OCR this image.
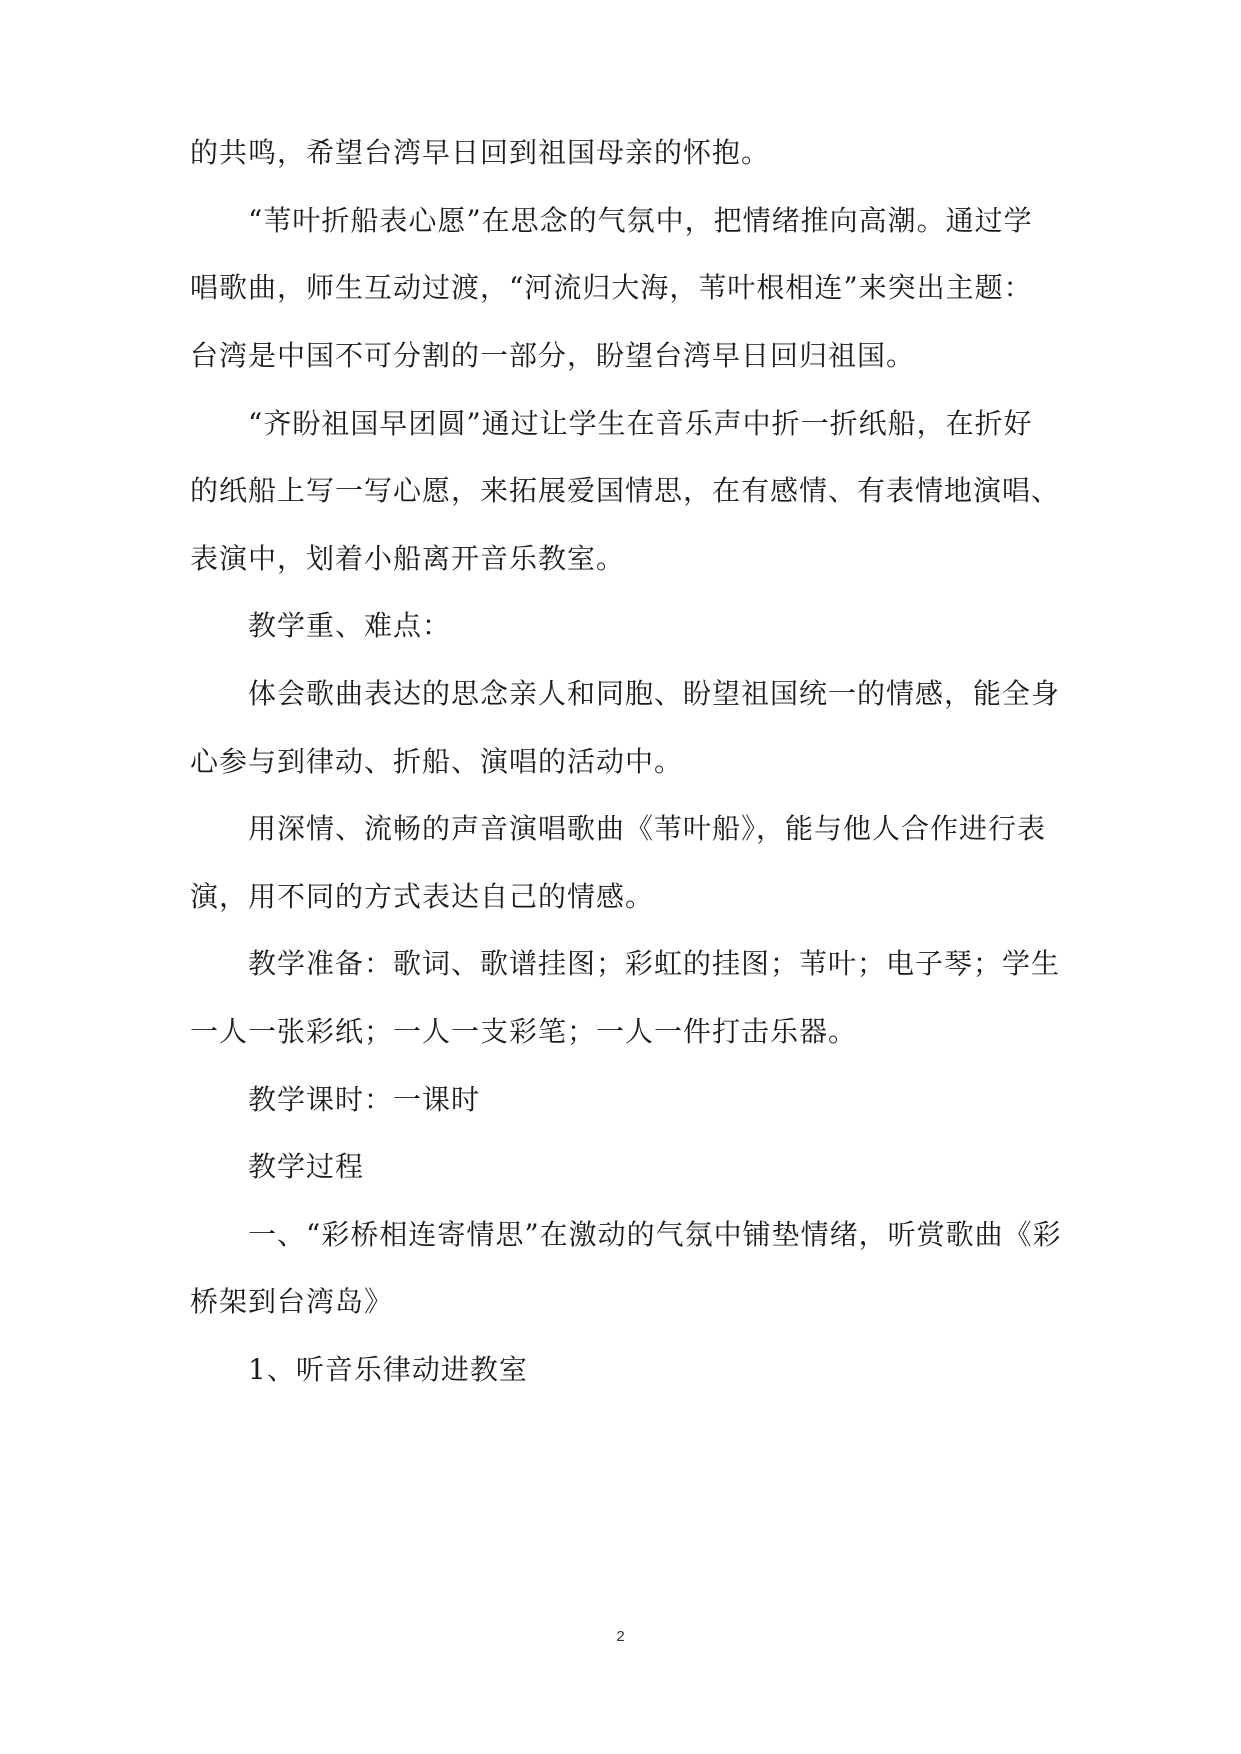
的共鸣，希望台湾早日回到祖国母亲的怀抱。
“苇叶折船表心愿”在思念的气氛中，把情绪推向高潮。通过学
唱歌曲，师生互动过渡，“河流归大海，苇叶根相连”来突出主题：
台湾是中国不可分割的一部分，盼望台湾早日回归祖国。
“齐盼祖国早团圆”通过让学生在音乐声中折一折纸船，在折好
的纸船上写一写心愿，来拓展爱国情思，在有感情、有表情地演唱、
表演中，划着小船离开音乐教室。
教学重、难点：
体会歌曲表达的思念亲人和同胞、盼望祖国统一的情感，能全身
心参与到律动、折船、演唱的活动中。
用深情、流畅的声音演唱歌曲《苇叶船》，能与他人合作进行表
演，用不同的方式表达自己的情感。
教学准备：歌词、歌谱挂图；彩虹的挂图；苇叶；电子琴；学生
一人一张彩纸；一人一支彩笔；一人一件打击乐器。
教学课时：一课时
教学过程
一、“彩桥相连寄情思”在激动的气氛中铺垫情绪，听赏歌曲《彩
桥架到台湾岛》
1、听音乐律动进教室
2
